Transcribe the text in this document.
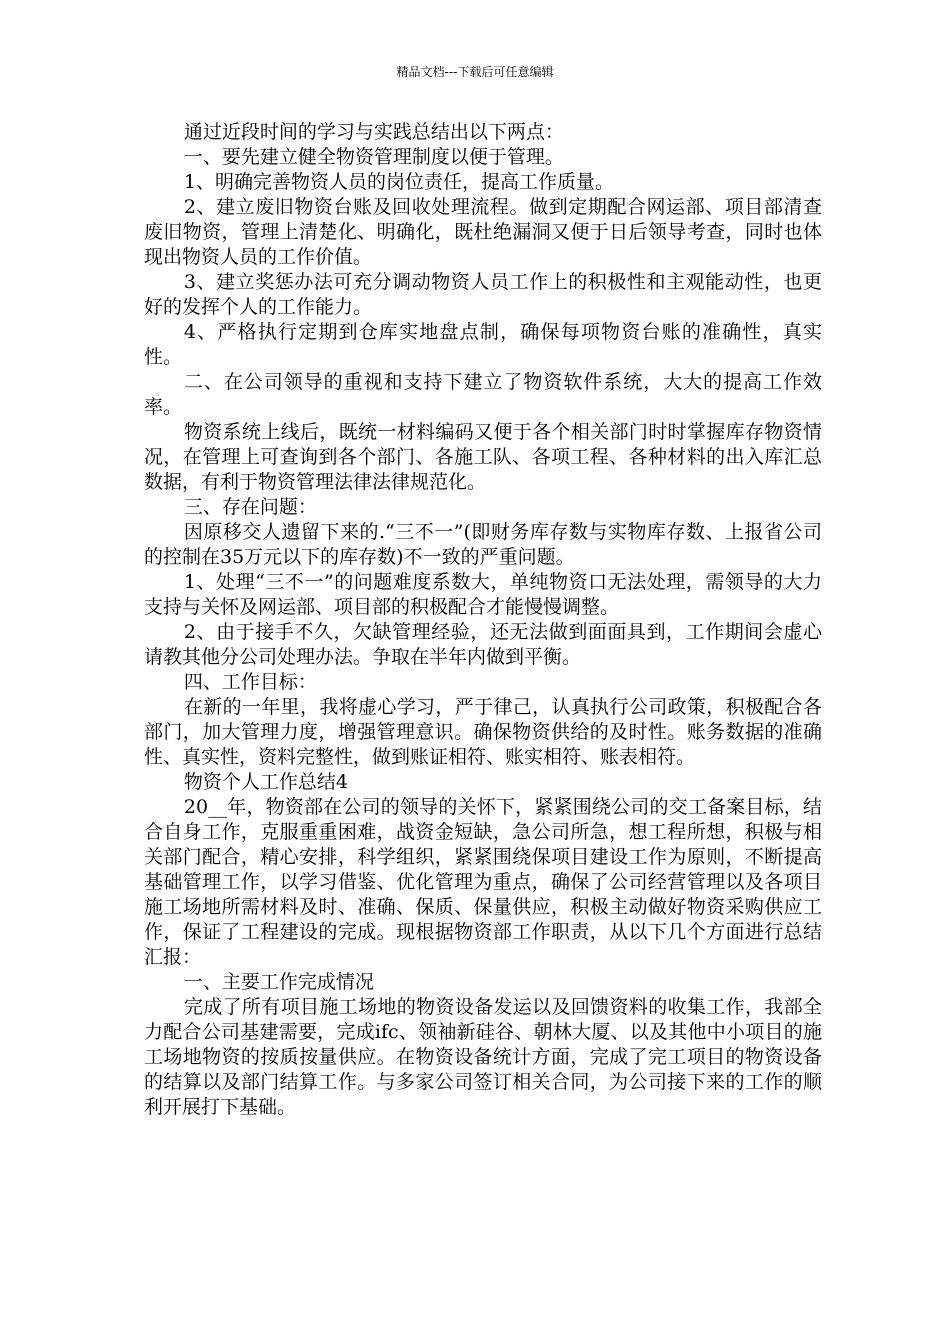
精品文档---下载后可任意编辑

通过近段时间的学习与实践总结出以下两点：

一、要先建立健全物资管理制度以便于管理。

1、明确完善物资人员的岗位责任，提高工作质量。

2、建立废旧物资台账及回收处理流程。做到定期配合网运部、项目部清查废旧物资，管理上清楚化、明确化，既杜绝漏洞又便于日后领导考查，同时也体现出物资人员的工作价值。

3、建立奖惩办法可充分调动物资人员工作上的积极性和主观能动性，也更好的发挥个人的工作能力。

4、严格执行定期到仓库实地盘点制，确保每项物资台账的准确性，真实性。

二、在公司领导的重视和支持下建立了物资软件系统，大大的提高工作效率。

物资系统上线后，既统一材料编码又便于各个相关部门时时掌握库存物资情况，在管理上可查询到各个部门、各施工队、各项工程、各种材料的出入库汇总数据，有利于物资管理法律法律规范化。

三、存在问题：

因原移交人遗留下来的.“三不一”(即财务库存数与实物库存数、上报省公司的控制在35万元以下的库存数)不一致的严重问题。

1、处理“三不一”的问题难度系数大，单纯物资口无法处理，需领导的大力支持与关怀及网运部、项目部的积极配合才能慢慢调整。

2、由于接手不久，欠缺管理经验，还无法做到面面具到，工作期间会虚心请教其他分公司处理办法。争取在半年内做到平衡。

四、工作目标：

在新的一年里，我将虚心学习，严于律己，认真执行公司政策，积极配合各部门，加大管理力度，增强管理意识。确保物资供给的及时性。账务数据的准确性、真实性，资料完整性，做到账证相符、账实相符、账表相符。

物资个人工作总结4

20__年，物资部在公司的领导的关怀下，紧紧围绕公司的交工备案目标，结合自身工作，克服重重困难，战资金短缺，急公司所急，想工程所想，积极与相关部门配合，精心安排，科学组织，紧紧围绕保项目建设工作为原则，不断提高基础管理工作，以学习借鉴、优化管理为重点，确保了公司经营管理以及各项目施工场地所需材料及时、准确、保质、保量供应，积极主动做好物资采购供应工作，保证了工程建设的完成。现根据物资部工作职责，从以下几个方面进行总结汇报：

一、主要工作完成情况

完成了所有项目施工场地的物资设备发运以及回馈资料的收集工作，我部全力配合公司基建需要，完成ifc、领袖新硅谷、朝林大厦、以及其他中小项目的施工场地物资的按质按量供应。在物资设备统计方面，完成了完工项目的物资设备的结算以及部门结算工作。与多家公司签订相关合同，为公司接下来的工作的顺利开展打下基础。
